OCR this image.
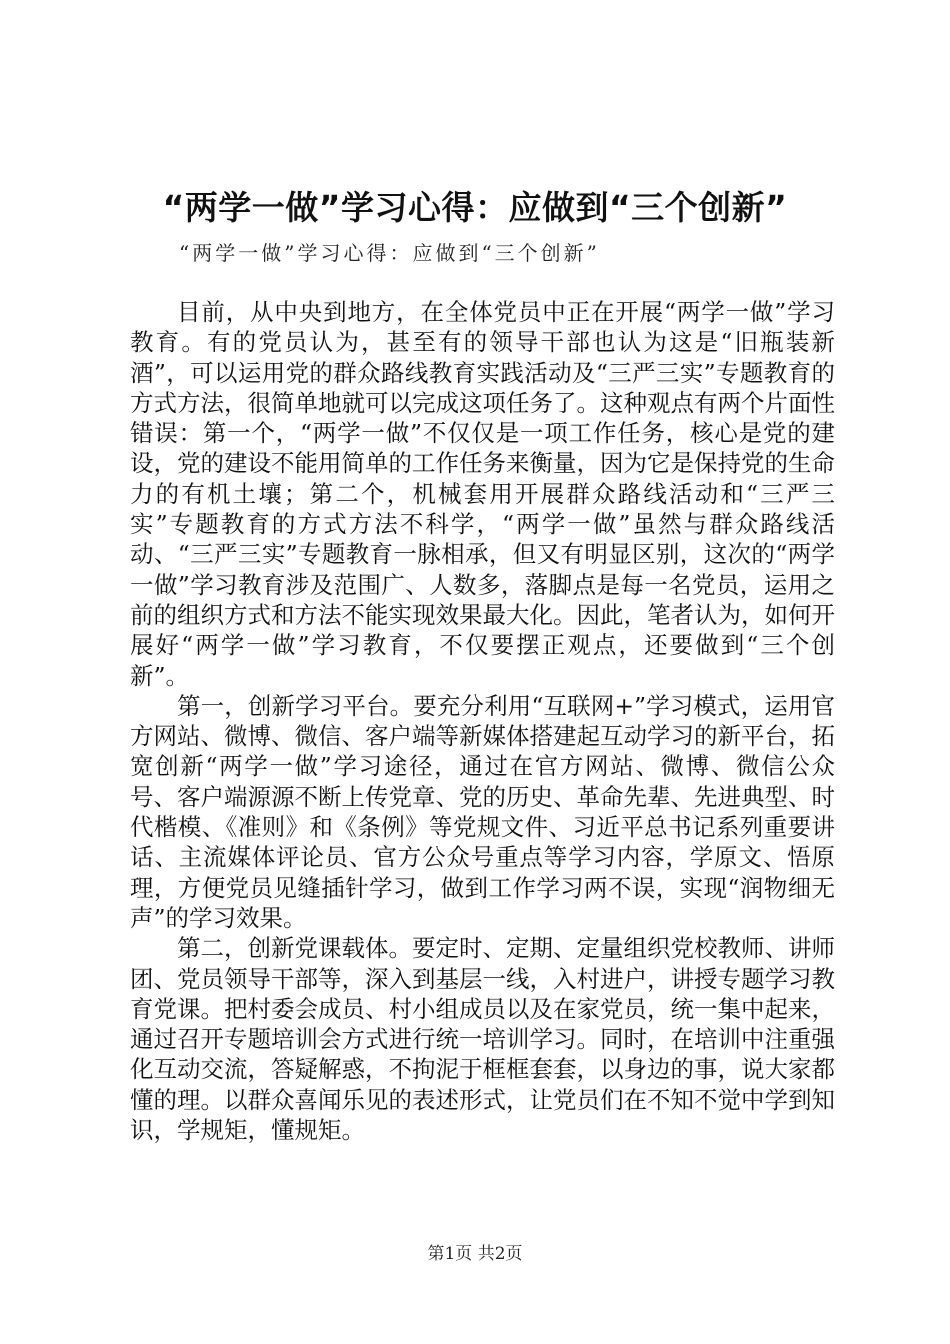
“两学一做”学习心得：应做到“三个创新”
“两学一做”学习心得：应做到“三个创新”

目前，从中央到地方，在全体党员中正在开展“两学一做”学习教育。有的党员认为，甚至有的领导干部也认为这是“旧瓶装新酒”，可以运用党的群众路线教育实践活动及“三严三实”专题教育的方式方法，很简单地就可以完成这项任务了。这种观点有两个片面性错误：第一个，“两学一做”不仅仅是一项工作任务，核心是党的建设，党的建设不能用简单的工作任务来衡量，因为它是保持党的生命力的有机土壤；第二个，机械套用开展群众路线活动和“三严三实”专题教育的方式方法不科学，“两学一做”虽然与群众路线活动、“三严三实”专题教育一脉相承，但又有明显区别，这次的“两学一做”学习教育涉及范围广、人数多，落脚点是每一名党员，运用之前的组织方式和方法不能实现效果最大化。因此，笔者认为，如何开展好“两学一做”学习教育，不仅要摆正观点，还要做到“三个创新”。

第一，创新学习平台。要充分利用“互联网+”学习模式，运用官方网站、微博、微信、客户端等新媒体搭建起互动学习的新平台，拓宽创新“两学一做”学习途径，通过在官方网站、微博、微信公众号、客户端源源不断上传党章、党的历史、革命先辈、先进典型、时代楷模、《准则》和《条例》等党规文件、习近平总书记系列重要讲话、主流媒体评论员、官方公众号重点等学习内容，学原文、悟原理，方便党员见缝插针学习，做到工作学习两不误，实现“润物细无声”的学习效果。

第二，创新党课载体。要定时、定期、定量组织党校教师、讲师团、党员领导干部等，深入到基层一线，入村进户，讲授专题学习教育党课。把村委会成员、村小组成员以及在家党员，统一集中起来，通过召开专题培训会方式进行统一培训学习。同时，在培训中注重强化互动交流，答疑解惑，不拘泥于框框套套，以身边的事，说大家都懂的理。以群众喜闻乐见的表述形式，让党员们在不知不觉中学到知识，学规矩，懂规矩。

第1页 共2页
